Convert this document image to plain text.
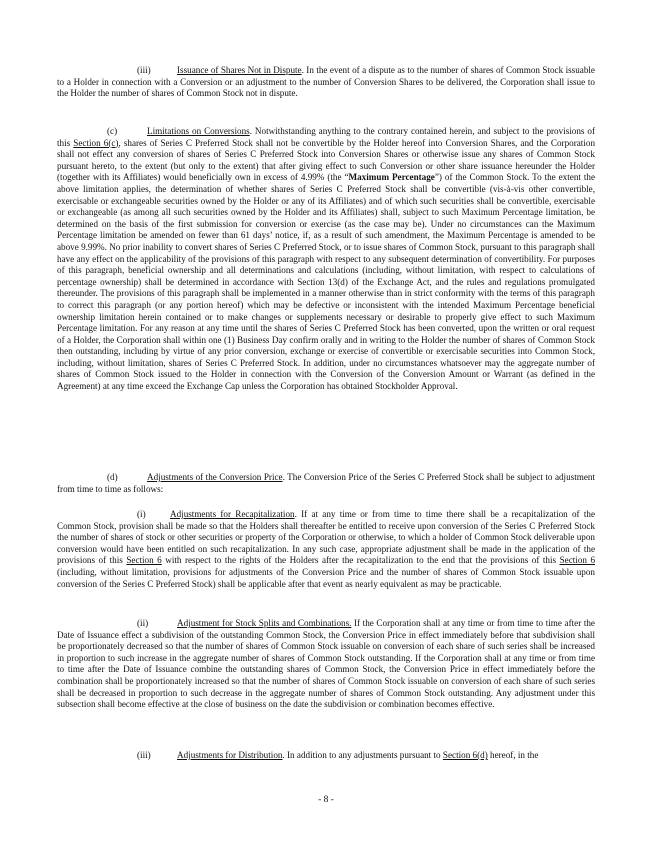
(iii)	Issuance of Shares Not in Dispute. In the event of a dispute as to the number of shares of Common Stock issuable to a Holder in connection with a Conversion or an adjustment to the number of Conversion Shares to be delivered, the Corporation shall issue to the Holder the number of shares of Common Stock not in dispute.

(c)	Limitations on Conversions. Notwithstanding anything to the contrary contained herein, and subject to the provisions of this Section 6(c), shares of Series C Preferred Stock shall not be convertible by the Holder hereof into Conversion Shares, and the Corporation shall not effect any conversion of shares of Series C Preferred Stock into Conversion Shares or otherwise issue any shares of Common Stock pursuant hereto, to the extent (but only to the extent) that after giving effect to such Conversion or other share issuance hereunder the Holder (together with its Affiliates) would beneficially own in excess of 4.99% (the “Maximum Percentage”) of the Common Stock. To the extent the above limitation applies, the determination of whether shares of Series C Preferred Stock shall be convertible (vis-à-vis other convertible, exercisable or exchangeable securities owned by the Holder or any of its Affiliates) and of which such securities shall be convertible, exercisable or exchangeable (as among all such securities owned by the Holder and its Affiliates) shall, subject to such Maximum Percentage limitation, be determined on the basis of the first submission for conversion or exercise (as the case may be). Under no circumstances can the Maximum Percentage limitation be amended on fewer than 61 days’ notice, if, as a result of such amendment, the Maximum Percentage is amended to be above 9.99%. No prior inability to convert shares of Series C Preferred Stock, or to issue shares of Common Stock, pursuant to this paragraph shall have any effect on the applicability of the provisions of this paragraph with respect to any subsequent determination of convertibility. For purposes of this paragraph, beneficial ownership and all determinations and calculations (including, without limitation, with respect to calculations of percentage ownership) shall be determined in accordance with Section 13(d) of the Exchange Act, and the rules and regulations promulgated thereunder. The provisions of this paragraph shall be implemented in a manner otherwise than in strict conformity with the terms of this paragraph to correct this paragraph (or any portion hereof) which may be defective or inconsistent with the intended Maximum Percentage beneficial ownership limitation herein contained or to make changes or supplements necessary or desirable to properly give effect to such Maximum Percentage limitation. For any reason at any time until the shares of Series C Preferred Stock has been converted, upon the written or oral request of a Holder, the Corporation shall within one (1) Business Day confirm orally and in writing to the Holder the number of shares of Common Stock then outstanding, including by virtue of any prior conversion, exchange or exercise of convertible or exercisable securities into Common Stock, including, without limitation, shares of Series C Preferred Stock. In addition, under no circumstances whatsoever may the aggregate number of shares of Common Stock issued to the Holder in connection with the Conversion of the Conversion Amount or Warrant (as defined in the Agreement) at any time exceed the Exchange Cap unless the Corporation has obtained Stockholder Approval.

(d)	Adjustments of the Conversion Price. The Conversion Price of the Series C Preferred Stock shall be subject to adjustment from time to time as follows:

(i)	Adjustments for Recapitalization. If at any time or from time to time there shall be a recapitalization of the Common Stock, provision shall be made so that the Holders shall thereafter be entitled to receive upon conversion of the Series C Preferred Stock the number of shares of stock or other securities or property of the Corporation or otherwise, to which a holder of Common Stock deliverable upon conversion would have been entitled on such recapitalization. In any such case, appropriate adjustment shall be made in the application of the provisions of this Section 6 with respect to the rights of the Holders after the recapitalization to the end that the provisions of this Section 6 (including, without limitation, provisions for adjustments of the Conversion Price and the number of shares of Common Stock issuable upon conversion of the Series C Preferred Stock) shall be applicable after that event as nearly equivalent as may be practicable.

(ii)	Adjustment for Stock Splits and Combinations. If the Corporation shall at any time or from time to time after the Date of Issuance effect a subdivision of the outstanding Common Stock, the Conversion Price in effect immediately before that subdivision shall be proportionately decreased so that the number of shares of Common Stock issuable on conversion of each share of such series shall be increased in proportion to such increase in the aggregate number of shares of Common Stock outstanding. If the Corporation shall at any time or from time to time after the Date of Issuance combine the outstanding shares of Common Stock, the Conversion Price in effect immediately before the combination shall be proportionately increased so that the number of shares of Common Stock issuable on conversion of each share of such series shall be decreased in proportion to such decrease in the aggregate number of shares of Common Stock outstanding. Any adjustment under this subsection shall become effective at the close of business on the date the subdivision or combination becomes effective.

(iii)	Adjustments for Distribution. In addition to any adjustments pursuant to Section 6(d) hereof, in the

- 8 -
